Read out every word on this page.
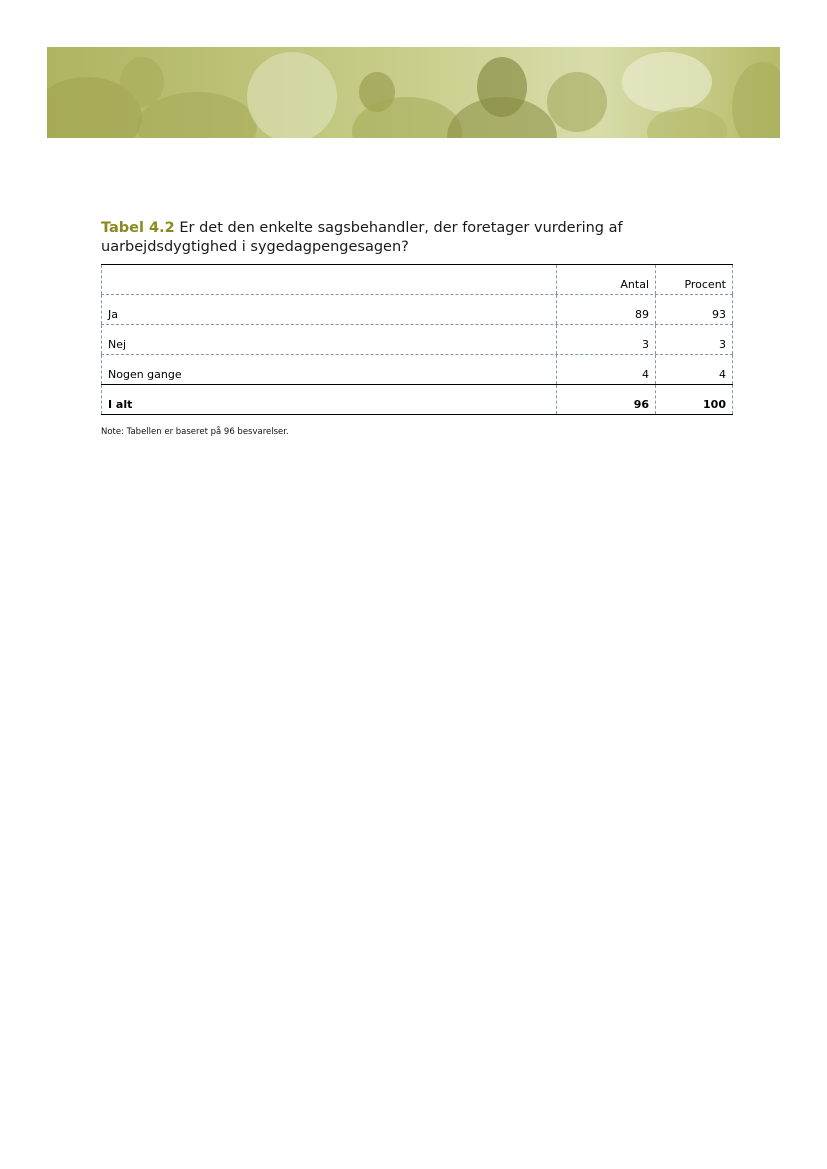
Tabel 4.2 Er det den enkelte sagsbehandler, der foretager vurdering af uarbejdsdygtighed i sygedagpengesagen?
Antal	Procent
Ja	89	93
Nej	3	3
Nogen gange	4	4
I alt	96	100
Note: Tabellen er baseret på 96 besvarelser.
